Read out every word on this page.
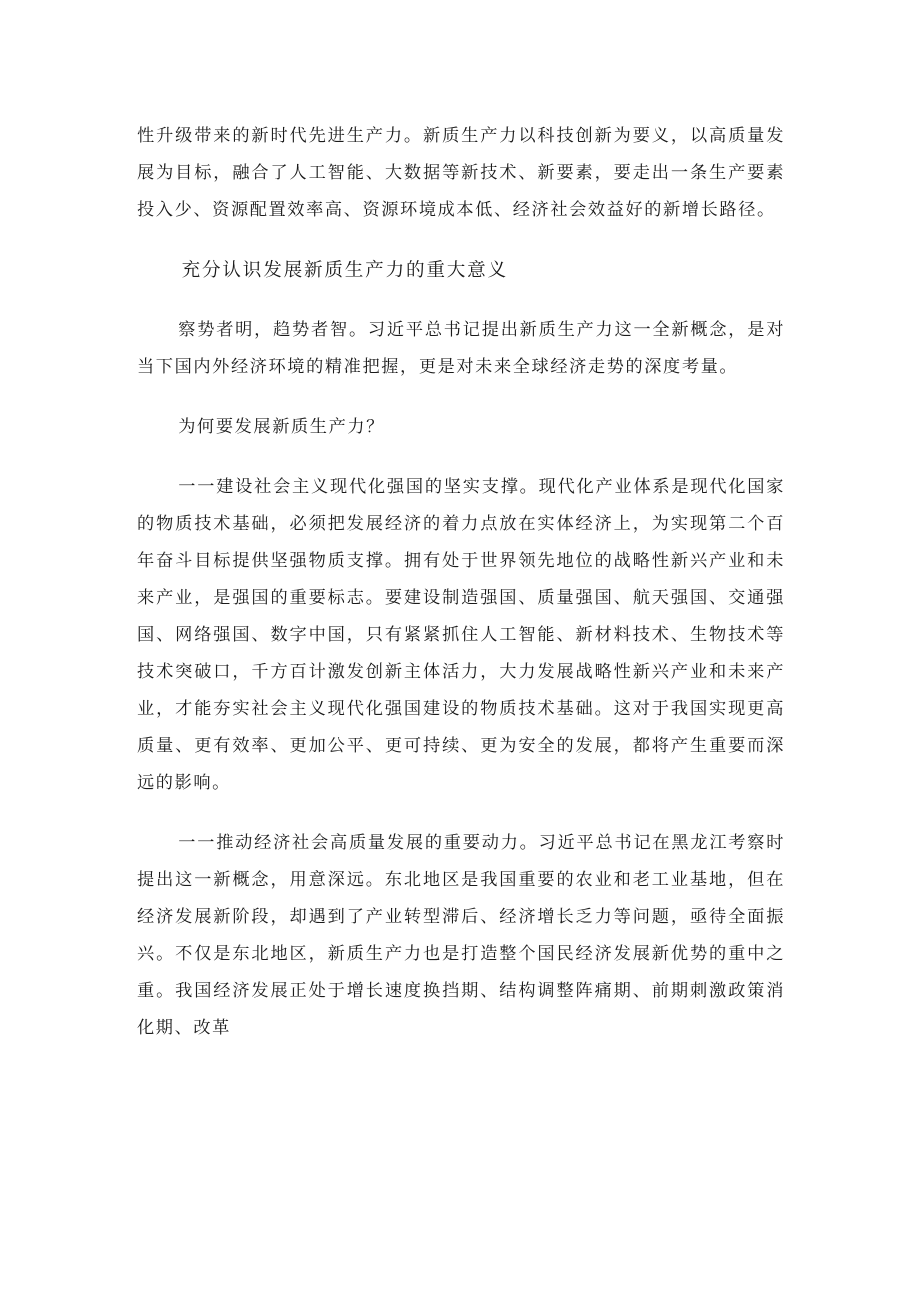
性升级带来的新时代先进生产力。新质生产力以科技创新为要义，以高质量发展为目标，融合了人工智能、大数据等新技术、新要素，要走出一条生产要素投入少、资源配置效率高、资源环境成本低、经济社会效益好的新增长路径。

充分认识发展新质生产力的重大意义

察势者明，趋势者智。习近平总书记提出新质生产力这一全新概念，是对当下国内外经济环境的精准把握，更是对未来全球经济走势的深度考量。

为何要发展新质生产力？

一一建设社会主义现代化强国的坚实支撑。现代化产业体系是现代化国家的物质技术基础，必须把发展经济的着力点放在实体经济上，为实现第二个百年奋斗目标提供坚强物质支撑。拥有处于世界领先地位的战略性新兴产业和未来产业，是强国的重要标志。要建设制造强国、质量强国、航天强国、交通强国、网络强国、数字中国，只有紧紧抓住人工智能、新材料技术、生物技术等技术突破口，千方百计激发创新主体活力，大力发展战略性新兴产业和未来产业，才能夯实社会主义现代化强国建设的物质技术基础。这对于我国实现更高质量、更有效率、更加公平、更可持续、更为安全的发展，都将产生重要而深远的影响。

一一推动经济社会高质量发展的重要动力。习近平总书记在黑龙江考察时提出这一新概念，用意深远。东北地区是我国重要的农业和老工业基地，但在经济发展新阶段，却遇到了产业转型滞后、经济增长乏力等问题，亟待全面振兴。不仅是东北地区，新质生产力也是打造整个国民经济发展新优势的重中之重。我国经济发展正处于增长速度换挡期、结构调整阵痛期、前期刺激政策消化期、改革
